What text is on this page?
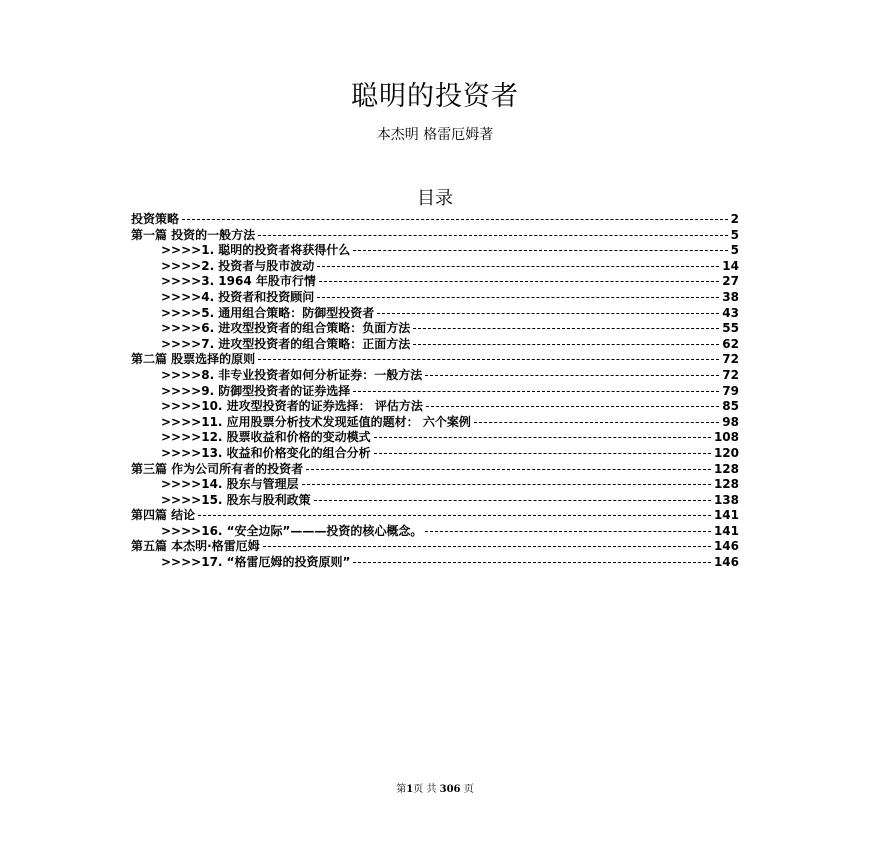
聪明的投资者
本杰明 格雷厄姆著
目录
投资策略	2
第一篇 投资的一般方法	5
>>>>1. 聪明的投资者将获得什么	5
>>>>2. 投资者与股市波动	14
>>>>3. 1964 年股市行情	27
>>>>4. 投资者和投资顾问	38
>>>>5. 通用组合策略：防御型投资者	43
>>>>6. 进攻型投资者的组合策略：负面方法	55
>>>>7. 进攻型投资者的组合策略：正面方法	62
第二篇 股票选择的原则	72
>>>>8. 非专业投资者如何分析证券：一般方法	72
>>>>9. 防御型投资者的证券选择	79
>>>>10. 进攻型投资者的证券选择： 评估方法	85
>>>>11. 应用股票分析技术发现延值的题材： 六个案例	98
>>>>12. 股票收益和价格的变动模式	108
>>>>13. 收益和价格变化的组合分析	120
第三篇 作为公司所有者的投资者	128
>>>>14. 股东与管理层	128
>>>>15. 股东与股利政策	138
第四篇 结论	141
>>>>16. “安全边际”———投资的核心概念。	141
第五篇 本杰明·格雷厄姆	146
>>>>17. “格雷厄姆的投资原则”	146
第1页 共 306 页
